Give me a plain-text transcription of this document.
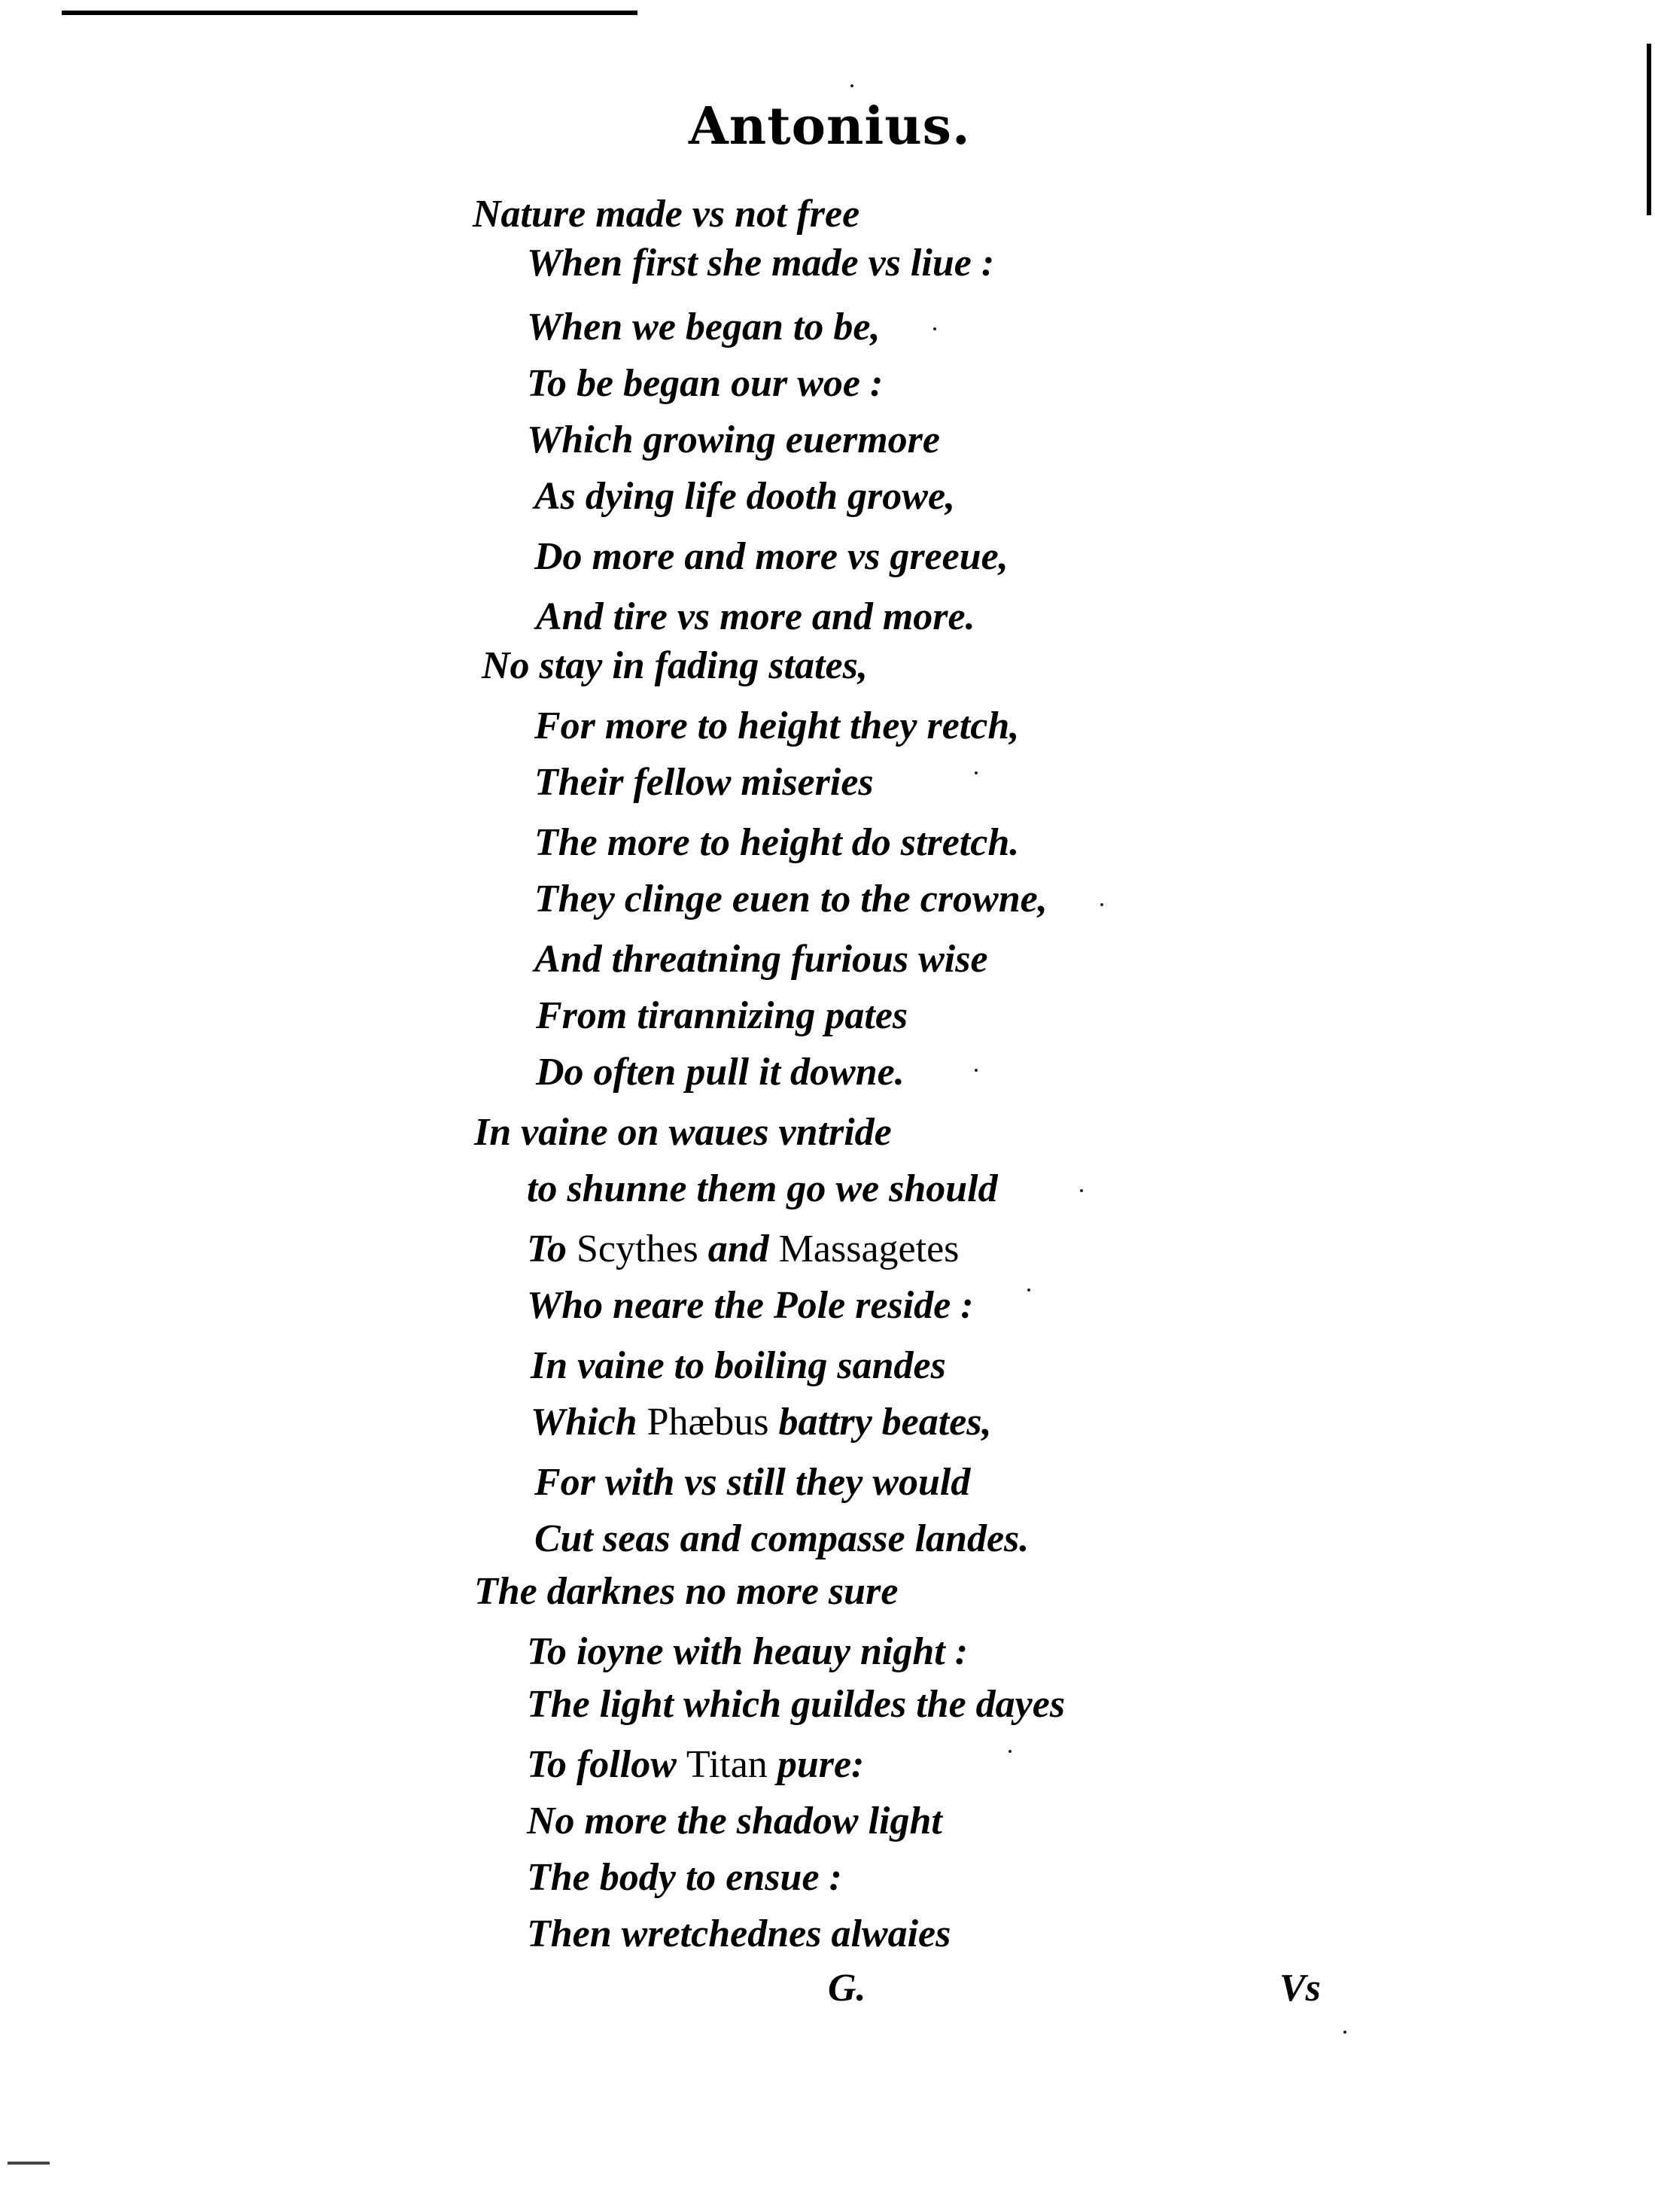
Antonius.
Nature made vs not free
When first she made vs liue :
When we began to be,
To be began our woe :
Which growing euermore
As dying life dooth growe,
Do more and more vs greeue,
And tire vs more and more.
No stay in fading states,
For more to height they retch,
Their fellow miseries
The more to height do stretch.
They clinge euen to the crowne,
And threatning furious wise
From tirannizing pates
Do often pull it downe.
In vaine on waues vntride
to shunne them go we should
To Scythes and Massagetes
Who neare the Pole reside :
In vaine to boiling sandes
Which Phæbus battry beates,
For with vs still they would
Cut seas and compasse landes.
The darknes no more sure
To ioyne with heauy night :
The light which guildes the dayes
To follow Titan pure:
No more the shadow light
The body to ensue :
Then wretchednes alwaies
G.	Vs
